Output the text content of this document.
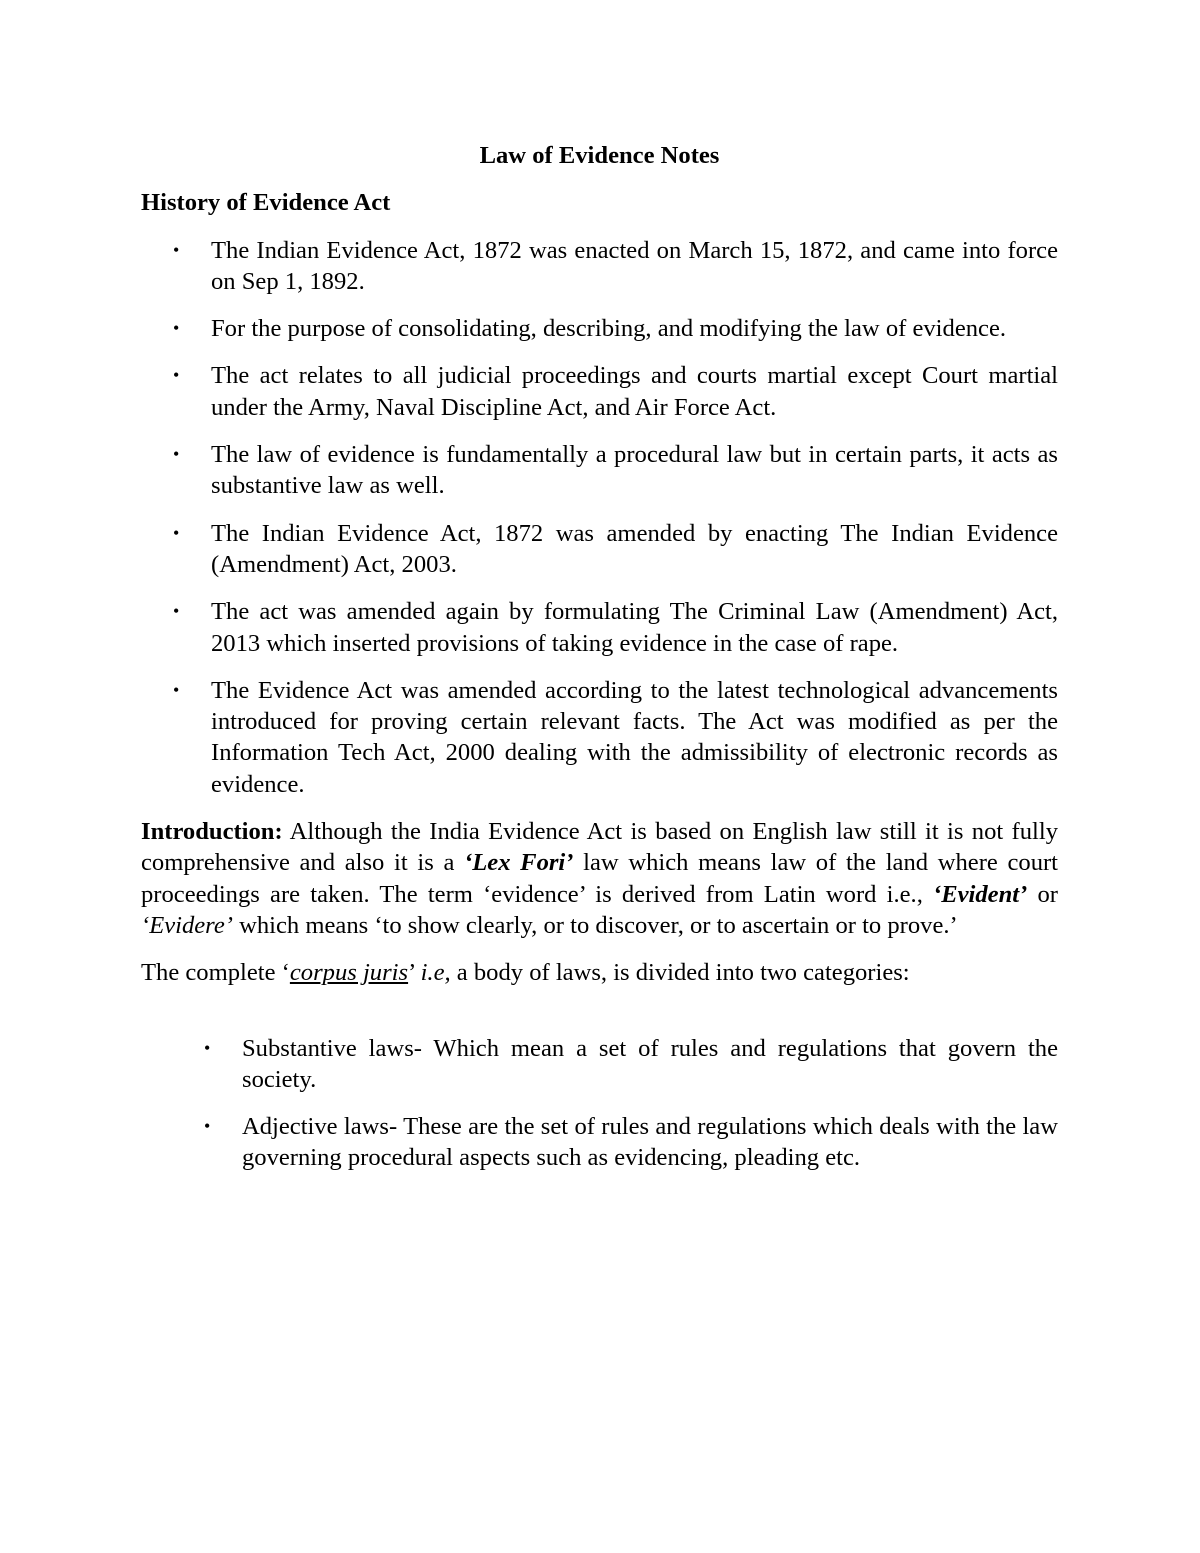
Law of Evidence Notes
History of Evidence Act
• The Indian Evidence Act, 1872 was enacted on March 15, 1872, and came into force on Sep 1, 1892.
• For the purpose of consolidating, describing, and modifying the law of evidence.
• The act relates to all judicial proceedings and courts martial except Court martial under the Army, Naval Discipline Act, and Air Force Act.
• The law of evidence is fundamentally a procedural law but in certain parts, it acts as substantive law as well.
• The Indian Evidence Act, 1872 was amended by enacting The Indian Evidence (Amendment) Act, 2003.
• The act was amended again by formulating The Criminal Law (Amendment) Act, 2013 which inserted provisions of taking evidence in the case of rape.
• The Evidence Act was amended according to the latest technological advancements introduced for proving certain relevant facts. The Act was modified as per the Information Tech Act, 2000 dealing with the admissibility of electronic records as evidence.

Introduction: Although the India Evidence Act is based on English law still it is not fully comprehensive and also it is a ‘Lex Fori’ law which means law of the land where court proceedings are taken. The term ‘evidence’ is derived from Latin word i.e., ‘Evident’ or ‘Evidere’ which means ‘to show clearly, or to discover, or to ascertain or to prove.’

The complete ‘corpus juris’ i.e, a body of laws, is divided into two categories:

• Substantive laws- Which mean a set of rules and regulations that govern the society.
• Adjective laws- These are the set of rules and regulations which deals with the law governing procedural aspects such as evidencing, pleading etc.
